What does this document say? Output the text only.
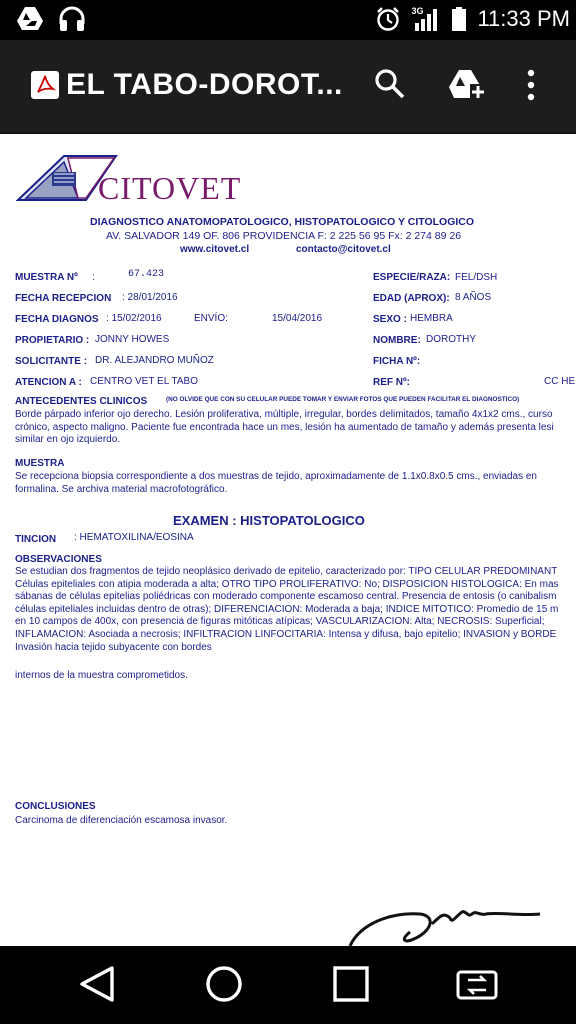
3G 11:33 PM
EL TABO-DOROT...
CITOVET
DIAGNOSTICO ANATOMOPATOLOGICO, HISTOPATOLOGICO Y CITOLOGICO
AV. SALVADOR 149 OF. 806 PROVIDENCIA F: 2 225 56 95 Fx: 2 274 89 26
www.citovet.cl	contacto@citovet.cl
MUESTRA Nº :	67.423	ESPECIE/RAZA: FEL/DSH
FECHA RECEPCION : 28/01/2016	EDAD (APROX): 8 AÑOS
FECHA DIAGNOS : 15/02/2016	ENVÍO:	15/04/2016	SEXO : HEMBRA
PROPIETARIO : JONNY HOWES	NOMBRE: DOROTHY
SOLICITANTE : DR. ALEJANDRO MUÑOZ	FICHA Nº:
ATENCION A : CENTRO VET EL TABO	REF Nº:	CC HE
ANTECEDENTES CLINICOS	(NO OLVIDE QUE CON SU CELULAR PUEDE TOMAR Y ENVIAR FOTOS QUE PUEDEN FACILITAR EL DIAGNOSTICO)
Borde párpado inferior ojo derecho. Lesión proliferativa, múltiple, irregular, bordes delimitados, tamaño 4x1x2 cms., curso
crónico, aspecto maligno. Paciente fue encontrada hace un mes, lesión ha aumentado de tamaño y además presenta lesi
similar en ojo izquierdo.
MUESTRA
Se recepciona biopsia correspondiente a dos muestras de tejido, aproximadamente de 1.1x0.8x0.5 cms., enviadas en
formalina. Se archiva material macrofotográfico.
EXAMEN : HISTOPATOLOGICO
TINCION : HEMATOXILINA/EOSINA
OBSERVACIONES
Se estudian dos fragmentos de tejido neoplásico derivado de epitelio, caracterizado por: TIPO CELULAR PREDOMINANT
Células epiteliales con atipia moderada a alta; OTRO TIPO PROLIFERATIVO: No; DISPOSICION HISTOLOGICA: En mas
sábanas de células epitelias poliédricas con moderado componente escamoso central. Presencia de entosis (o canibalism
células epiteliales incluidas dentro de otras); DIFERENCIACION: Moderada a baja; INDICE MITOTICO: Promedio de 15 m
en 10 campos de 400x, con presencia de figuras mitóticas atípicas; VASCULARIZACION: Alta; NECROSIS: Superficial;
INFLAMACION: Asociada a necrosis; INFILTRACION LINFOCITARIA: Intensa y difusa, bajo epitelio; INVASION y BORDE
Invasión hacia tejido subyacente con bordes
internos de la muestra comprometidos.
CONCLUSIONES
Carcinoma de diferenciación escamosa invasor.
